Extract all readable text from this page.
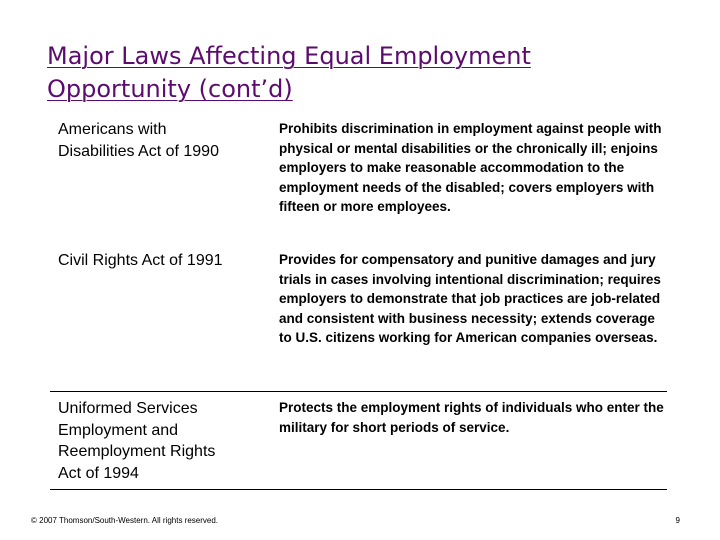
Major Laws Affecting Equal Employment
Opportunity (cont’d)
Americans with
Disabilities Act of 1990
Prohibits discrimination in employment against people with physical or mental disabilities or the chronically ill; enjoins employers to make reasonable accommodation to the employment needs of the disabled; covers employers with fifteen or more employees.
Civil Rights Act of 1991	Provides for compensatory and punitive damages and jury trials in cases involving intentional discrimination; requires employers to demonstrate that job practices are job-related and consistent with business necessity; extends coverage to U.S. citizens working for American companies overseas.
Uniformed Services
Employment and
Reemployment Rights
Act of 1994
Protects the employment rights of individuals who enter the military for short periods of service.
© 2007 Thomson/South-Western. All rights reserved.	9
